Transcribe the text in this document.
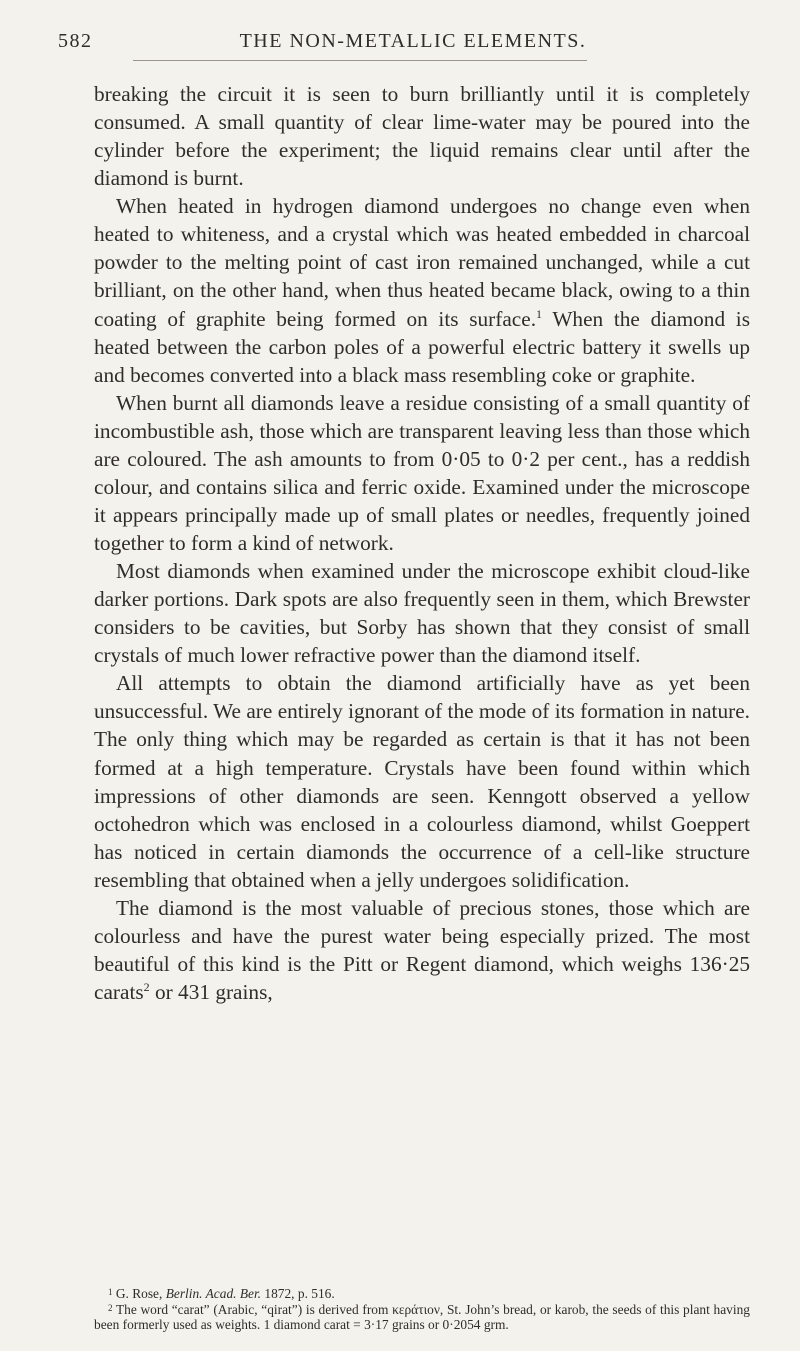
582	THE NON-METALLIC ELEMENTS.

breaking the circuit it is seen to burn brilliantly until it is completely consumed. A small quantity of clear lime-water may be poured into the cylinder before the experiment; the liquid remains clear until after the diamond is burnt.

When heated in hydrogen diamond undergoes no change even when heated to whiteness, and a crystal which was heated embedded in charcoal powder to the melting point of cast iron remained unchanged, while a cut brilliant, on the other hand, when thus heated became black, owing to a thin coating of graphite being formed on its surface.$^1$ When the diamond is heated between the carbon poles of a powerful electric battery it swells up and becomes converted into a black mass resembling coke or graphite.

When burnt all diamonds leave a residue consisting of a small quantity of incombustible ash, those which are transparent leaving less than those which are coloured. The ash amounts to from 0·05 to 0·2 per cent., has a reddish colour, and contains silica and ferric oxide. Examined under the microscope it appears principally made up of small plates or needles, frequently joined together to form a kind of network.

Most diamonds when examined under the microscope exhibit cloud-like darker portions. Dark spots are also frequently seen in them, which Brewster considers to be cavities, but Sorby has shown that they consist of small crystals of much lower refractive power than the diamond itself.

All attempts to obtain the diamond artificially have as yet been unsuccessful. We are entirely ignorant of the mode of its formation in nature. The only thing which may be regarded as certain is that it has not been formed at a high temperature. Crystals have been found within which impressions of other diamonds are seen. Kenngott observed a yellow octohedron which was enclosed in a colourless diamond, whilst Goeppert has noticed in certain diamonds the occurrence of a cell-like structure resembling that obtained when a jelly undergoes solidification.

The diamond is the most valuable of precious stones, those which are colourless and have the purest water being especially prized. The most beautiful of this kind is the Pitt or Regent diamond, which weighs 136·25 carats$^2$ or 431 grains,

$^1$ G. Rose, Berlin. Acad. Ber. 1872, p. 516.

$^2$ The word “carat” (Arabic, “qirat”) is derived from κεράτιον, St. John’s bread, or karob, the seeds of this plant having been formerly used as weights. 1 diamond carat = 3·17 grains or 0·2054 grm.
